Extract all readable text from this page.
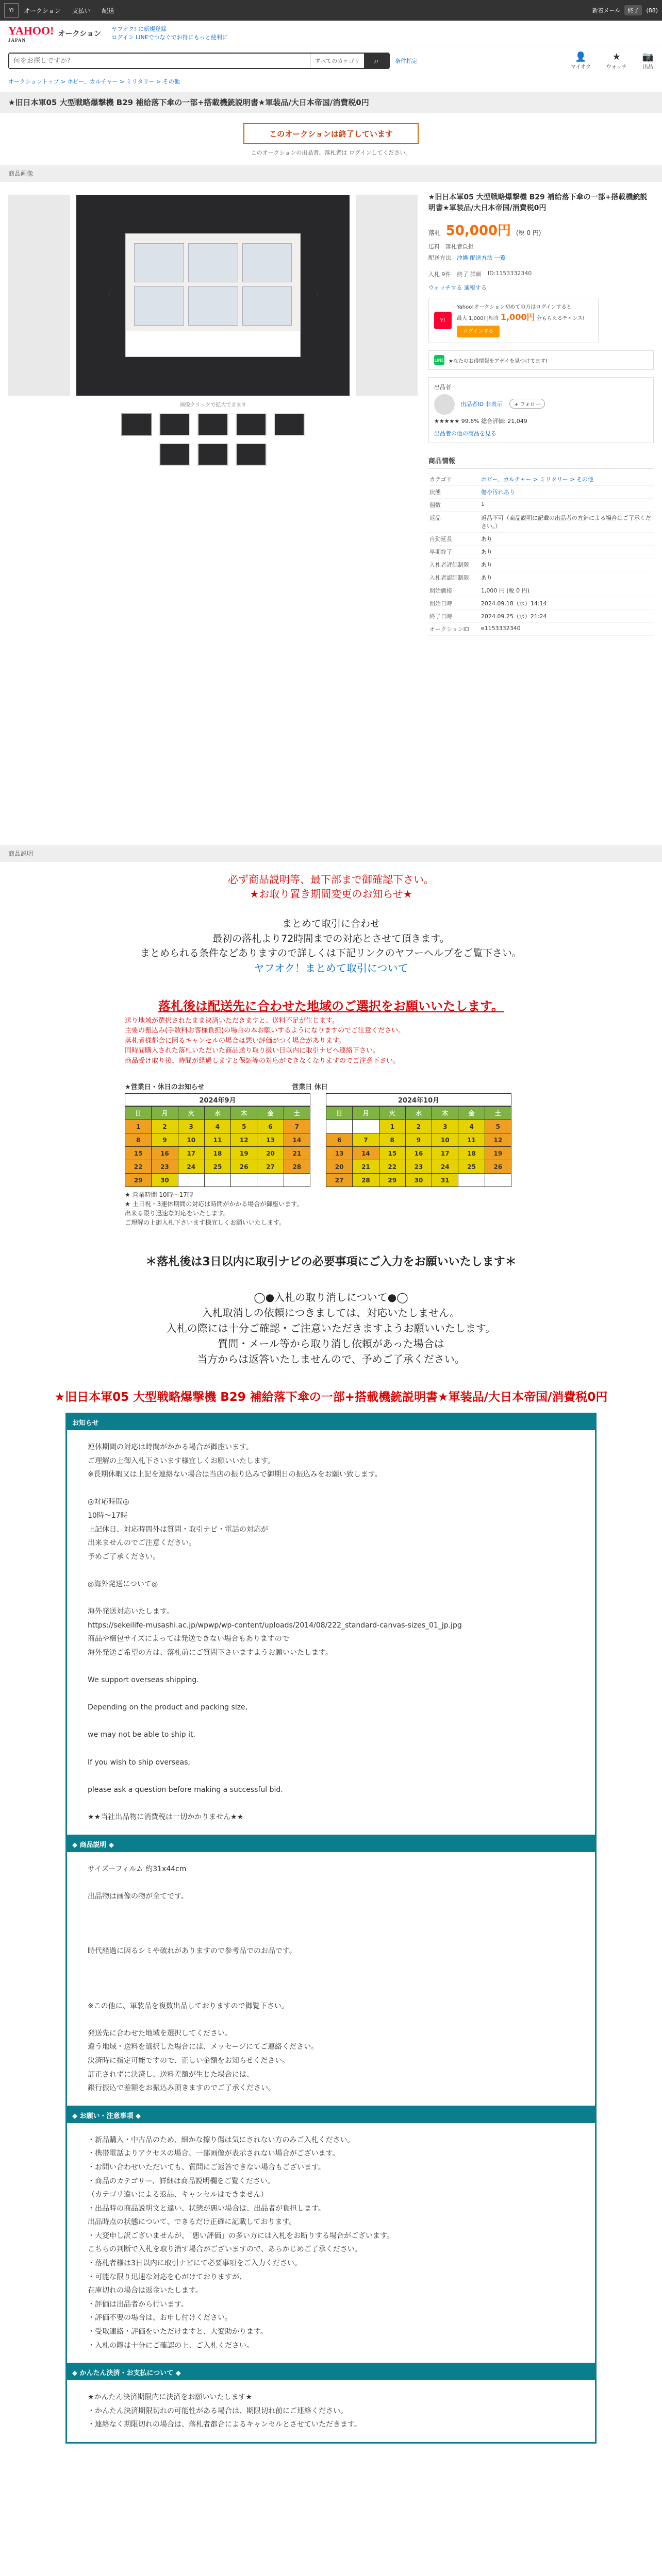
Y!	オークション 支払い 配送	新着メール	終了	(88)
YAHOO!
JAPAN
オークション
ヤフオク! に新規登録
ログイン LINEでつなぐでお得にもっと便利に
何をお探しですか?
すべてのカテゴリ	⌕	条件指定	👤
マイオク
★
ウォッチ
📷
出品
オークショントップ > ホビー、カルチャー > ミリタリー > その他
★旧日本軍05 大型戦略爆撃機 B29 補給落下傘の一部+搭載機銃説明書★軍装品/大日本帝国/消費税0円
このオークションは終了しています
このオークションの出品者、落札者は ログインしてください。
商品画像
‹	›
画像クリックで拡大できます
★旧日本軍05 大型戦略爆撃機 B29 補給落下傘の一部+搭載機銃説明書★軍装品/大日本帝国/消費税0円
落札 50,000円 (税 0 円)
送料　 落札者負担
配送方法　 沖縄 配送方法 一覧
入札 9件 終了 詳細 ID:1153332340
ウォッチする 通報する
Y!
Yahoo!オークション初めての方はログインすると
最大 1,000円相当 1,000円 分もらえるチャンス!
ログインする
LINE ★なたのお得情報をアデイを見つけてます!
出品者
出品者ID 非表示 + フォロー
★★★★★ 99.6% 総合評価: 21,049
出品者の他の商品を見る
商品情報
カテゴリ	ホビー、カルチャー > ミリタリー > その他
状態	傷や汚れあり
個数	1
返品	返品不可（商品説明に記載の出品者の方針による場合はご了承ください。）
自動延長	あり
早期終了	あり
入札者評価制限	あり
入札者認証制限	あり
開始価格	1,000 円 (税 0 円)
開始日時	2024.09.18（水）14:14
終了日時	2024.09.25（水）21:24
オークションID	e1153332340
商品説明
必ず商品説明等、最下部まで御確認下さい。
★お取り置き期間変更のお知らせ★
まとめて取引に合わせ
最初の落札より72時間までの対応とさせて頂きます。
まとめられる条件などありますので詳しくは下記リンクのヤフーヘルプをご覧下さい。
ヤフオク！まとめて取引について
落札後は配送先に合わせた地域のご選択をお願いいたします。
送り地域が選択されたまま決済いただきますと、送料不足が生じます。
主要の振込み(手数料お客様負担)の場合の本お願いするようになりますのでご注意ください。
落札者様都合に因るキャンセルの場合は悪い評価がつく場合があります。
同時間購入された落札いただいた商品送り取り扱い日以内に取引ナビへ連絡下さい。
商品受け取り後、時間が経過しますと保証等の対応ができなくなりますのでご注意下さい。
★営業日・休日のお知らせ	営業日 休日
2024年9月
日	月	火	水	木	金	土
1	2	3	4	5	6	7
8	9	10	11	12	13	14
15	16	17	18	19	20	21
22	23	24	25	26	27	28
29	30					
2024年10月
日	月	火	水	木	金	土
		1	2	3	4	5
6	7	8	9	10	11	12
13	14	15	16	17	18	19
20	21	22	23	24	25	26
27	28	29	30	31		
★ 営業時間 10時〜17時
★ 土日祝・3連休期間の対応は時間がかかる場合が御座います。
出来る限り迅速な対応をいたします。
ご理解の上御入札下さいます様宜しくお願いいたします。
＊落札後は3日以内に取引ナビの必要事項にご入力をお願いいたします＊
◯●入札の取り消しについて●◯
入札取消しの依頼につきましては、対応いたしません。
入札の際には十分ご確認・ご注意いただきますようお願いいたします。
質問・メール等から取り消し依頼があった場合は
当方からは返答いたしませんので、予めご了承ください。
★旧日本軍05 大型戦略爆撃機 B29 補給落下傘の一部+搭載機銃説明書★軍装品/大日本帝国/消費税0円
お知らせ
連休期間の対応は時間がかかる場合が御座います。
ご理解の上御入札下さいます様宜しくお願いいたします。
※長期休暇又は上記を連絡ない場合は当店の振り込みで御期日の振込みをお願い致します。

◎対応時間◎
10時〜17時
上記休日、対応時間外は質問・取引ナビ・電話の対応が
出来ませんのでご注意ください。
予めご了承ください。

◎海外発送について◎

海外発送対応いたします。
https://sekeilife-musashi.ac.jp/wpwp/wp-content/uploads/2014/08/222_standard-canvas-sizes_01_jp.jpg
商品や梱包サイズによっては発送できない場合もありますので
海外発送ご希望の方は、落札前にご質問下さいますようお願いいたします。

We support overseas shipping.

Depending on the product and packing size,

we may not be able to ship it.

If you wish to ship overseas,

please ask a question before making a successful bid.

★★当社出品物に消費税は一切かかりません★★
◆ 商品説明 ◆
サイズーフィルム 約31x44cm

出品物は画像の物が全てです。

時代経過に因るシミや破れがありますので参考品でのお品です。

※この他に、軍装品を複数出品しておりますので御覧下さい。

発送先に合わせた地域を選択してください。
違う地域・送料を選択した場合には、メッセージにてご連絡ください。
決済時に指定可能ですので、正しい金額をお知らせください。
訂正されずに決済し、送料差額が生じた場合には、
銀行振込で差額をお振込み頂きますのでご了承ください。
◆ お願い・注意事項 ◆
・新品購入・中古品のため、細かな擦り傷は気にされない方のみご入札ください。
・携帯電話よりアクセスの場合、一部画像が表示されない場合がございます。
・お問い合わせいただいても、質問にご返答できない場合もございます。
・商品のカテゴリー、詳細は商品説明欄をご覧ください。
（カテゴリ違いによる返品、キャンセルはできません）
・出品時の商品説明文と違い、状態が悪い場合は、出品者が負担します。
出品時点の状態について、できるだけ正確に記載しております。
・大変申し訳ございませんが、「悪い評価」の多い方には入札をお断りする場合がございます。
こちらの判断で入札を取り消す場合がございますので、あらかじめご了承ください。
・落札者様は3日以内に取引ナビにて必要事項をご入力ください。
・可能な限り迅速な対応を心がけておりますが、
在庫切れの場合は返金いたします。
・評価は出品者から行います。
・評価不要の場合は、お申し付けください。
・受取連絡・評価をいただけますと、大変助かります。
・入札の際は十分にご確認の上、ご入札ください。
◆ かんたん決済・お支払について ◆
★かんたん決済期限内に決済をお願いいたします★
・かんたん決済期限切れの可能性がある場合は、期限切れ前にご連絡ください。
・連絡なく期限切れの場合は、落札者都合によるキャンセルとさせていただきます。
